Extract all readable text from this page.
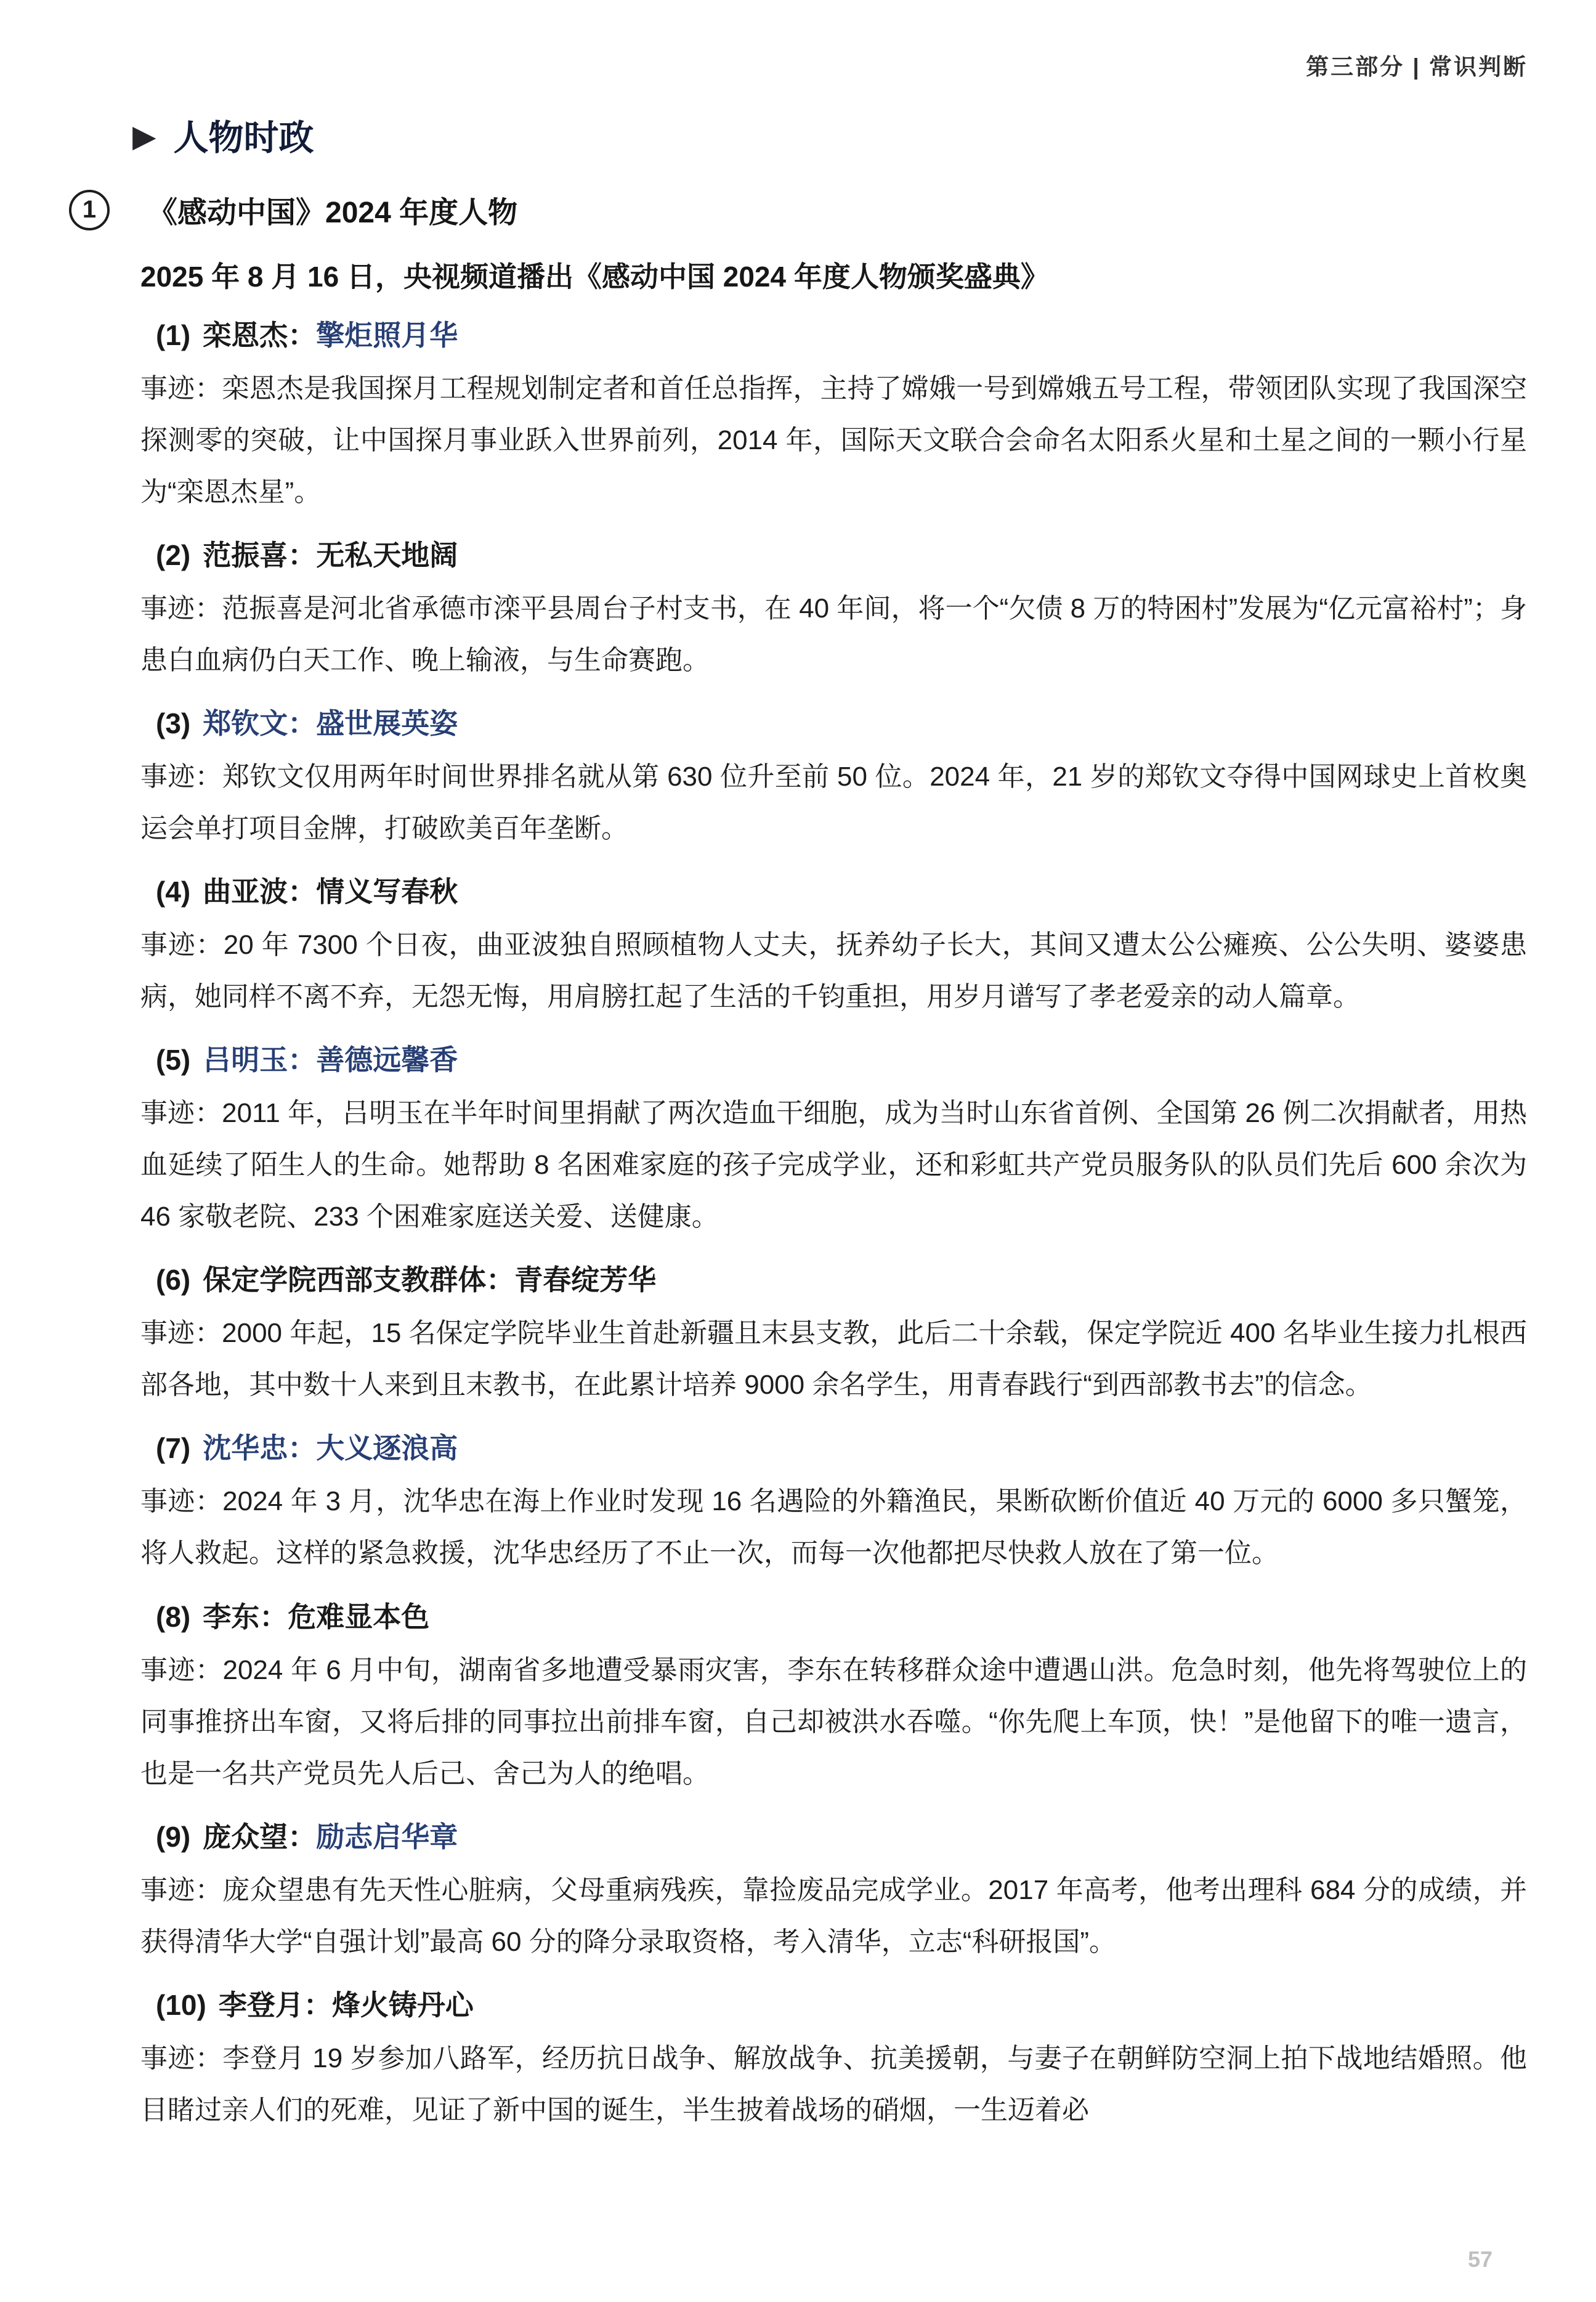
第三部分 | 常识判断
▶ 人物时政
1	《感动中国》2024 年度人物
2025 年 8 月 16 日，央视频道播出《感动中国 2024 年度人物颁奖盛典》
(1) 栾恩杰：擎炬照月华
事迹：栾恩杰是我国探月工程规划制定者和首任总指挥，主持了嫦娥一号到嫦娥五号工程，带领团队实现了我国深空探测零的突破，让中国探月事业跃入世界前列，2014 年，国际天文联合会命名太阳系火星和土星之间的一颗小行星为“栾恩杰星”。
(2) 范振喜：无私天地阔
事迹：范振喜是河北省承德市滦平县周台子村支书，在 40 年间，将一个“欠债 8 万的特困村”发展为“亿元富裕村”；身患白血病仍白天工作、晚上输液，与生命赛跑。
(3) 郑钦文：盛世展英姿
事迹：郑钦文仅用两年时间世界排名就从第 630 位升至前 50 位。2024 年，21 岁的郑钦文夺得中国网球史上首枚奥运会单打项目金牌，打破欧美百年垄断。
(4) 曲亚波：情义写春秋
事迹：20 年 7300 个日夜，曲亚波独自照顾植物人丈夫，抚养幼子长大，其间又遭太公公瘫痪、公公失明、婆婆患病，她同样不离不弃，无怨无悔，用肩膀扛起了生活的千钧重担，用岁月谱写了孝老爱亲的动人篇章。
(5) 吕明玉：善德远馨香
事迹：2011 年，吕明玉在半年时间里捐献了两次造血干细胞，成为当时山东省首例、全国第 26 例二次捐献者，用热血延续了陌生人的生命。她帮助 8 名困难家庭的孩子完成学业，还和彩虹共产党员服务队的队员们先后 600 余次为 46 家敬老院、233 个困难家庭送关爱、送健康。
(6) 保定学院西部支教群体：青春绽芳华
事迹：2000 年起，15 名保定学院毕业生首赴新疆且末县支教，此后二十余载，保定学院近 400 名毕业生接力扎根西部各地，其中数十人来到且末教书，在此累计培养 9000 余名学生，用青春践行“到西部教书去”的信念。
(7) 沈华忠：大义逐浪高
事迹：2024 年 3 月，沈华忠在海上作业时发现 16 名遇险的外籍渔民，果断砍断价值近 40 万元的 6000 多只蟹笼，将人救起。这样的紧急救援，沈华忠经历了不止一次，而每一次他都把尽快救人放在了第一位。
(8) 李东：危难显本色
事迹：2024 年 6 月中旬，湖南省多地遭受暴雨灾害，李东在转移群众途中遭遇山洪。危急时刻，他先将驾驶位上的同事推挤出车窗，又将后排的同事拉出前排车窗，自己却被洪水吞噬。“你先爬上车顶，快！”是他留下的唯一遗言，也是一名共产党员先人后己、舍己为人的绝唱。
(9) 庞众望：励志启华章
事迹：庞众望患有先天性心脏病，父母重病残疾，靠捡废品完成学业。2017 年高考，他考出理科 684 分的成绩，并获得清华大学“自强计划”最高 60 分的降分录取资格，考入清华，立志“科研报国”。
(10) 李登月：烽火铸丹心
事迹：李登月 19 岁参加八路军，经历抗日战争、解放战争、抗美援朝，与妻子在朝鲜防空洞上拍下战地结婚照。他目睹过亲人们的死难，见证了新中国的诞生，半生披着战场的硝烟，一生迈着必
57
